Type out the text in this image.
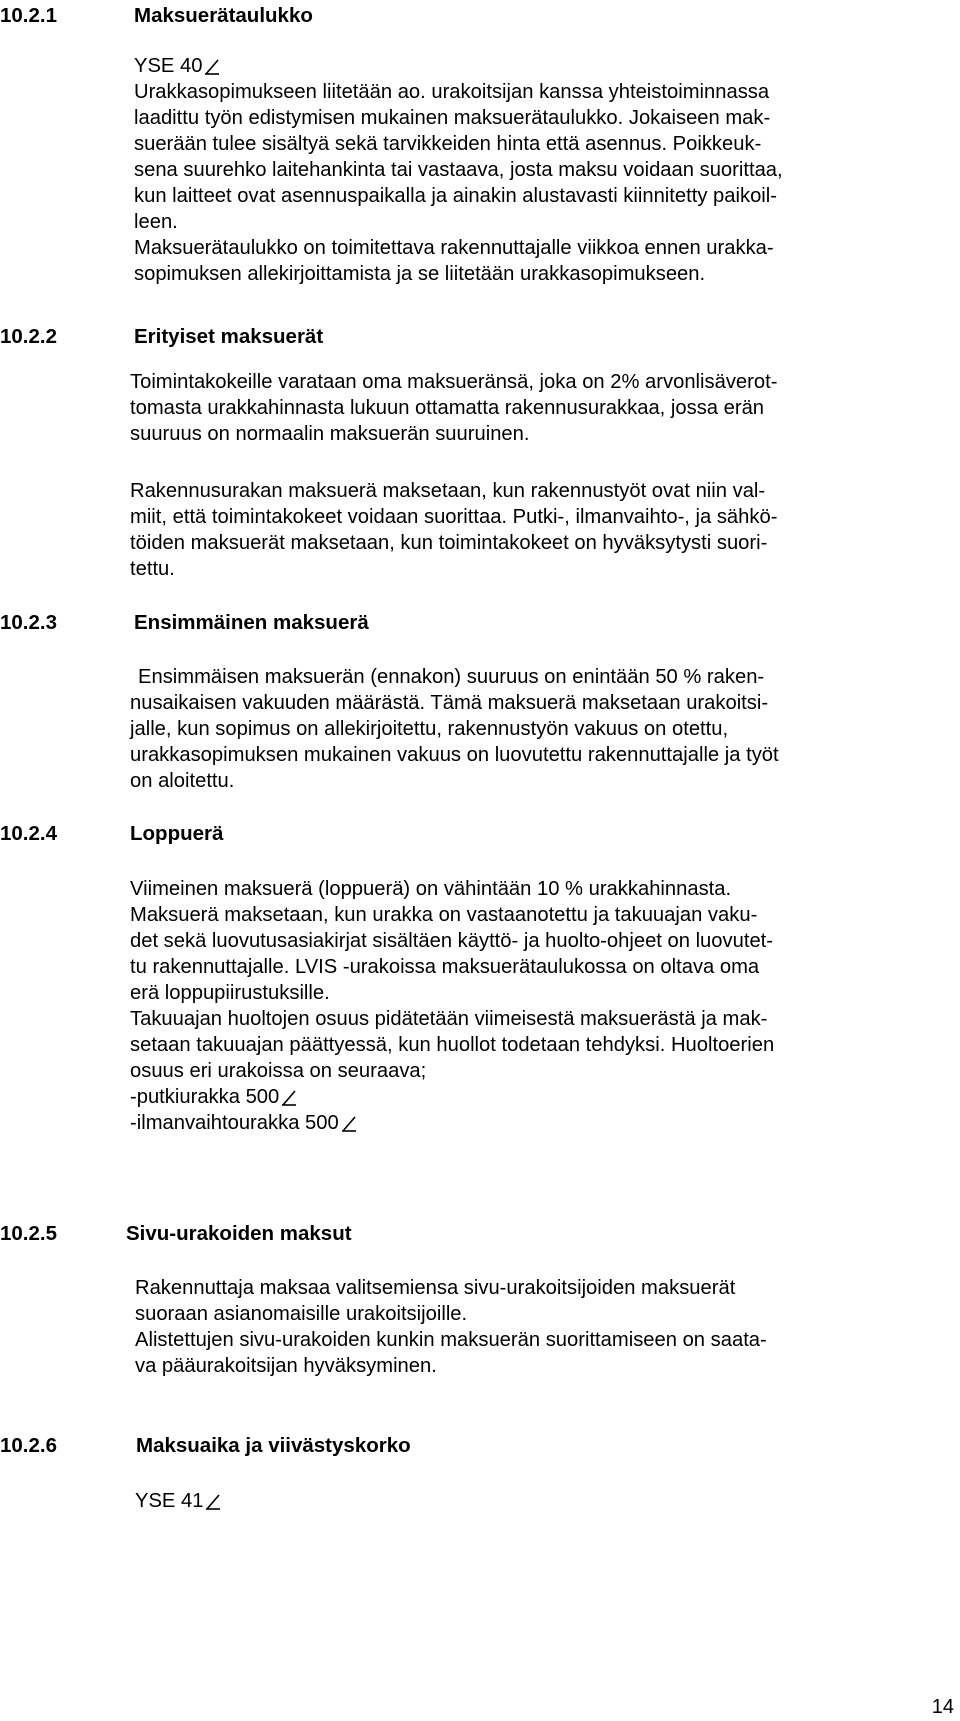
10.2.1	Maksuerätaulukko
YSE 40
Urakkasopimukseen liitetään ao. urakoitsijan kanssa yhteistoiminnassa
laadittu työn edistymisen mukainen maksuerätaulukko. Jokaiseen mak-
suerään tulee sisältyä sekä tarvikkeiden hinta että asennus. Poikkeuk-
sena suurehko laitehankinta tai vastaava, josta maksu voidaan suorittaa,
kun laitteet ovat asennuspaikalla ja ainakin alustavasti kiinnitetty paikoil-
leen.
Maksuerätaulukko on toimitettava rakennuttajalle viikkoa ennen urakka-
sopimuksen allekirjoittamista ja se liitetään urakkasopimukseen.
10.2.2	Erityiset maksuerät
Toimintakokeille varataan oma maksueränsä, joka on 2% arvonlisäverot-
tomasta urakkahinnasta lukuun ottamatta rakennusurakkaa, jossa erän
suuruus on normaalin maksuerän suuruinen.
Rakennusurakan maksuerä maksetaan, kun rakennustyöt ovat niin val-
miit, että toimintakokeet voidaan suorittaa. Putki-, ilmanvaihto-, ja sähkö-
töiden maksuerät maksetaan, kun toimintakokeet on hyväksytysti suori-
tettu.
10.2.3	Ensimmäinen maksuerä
Ensimmäisen maksuerän (ennakon) suuruus on enintään 50 % raken-
nusaikaisen vakuuden määrästä. Tämä maksuerä maksetaan urakoitsi-
jalle, kun sopimus on allekirjoitettu, rakennustyön vakuus on otettu,
urakkasopimuksen mukainen vakuus on luovutettu rakennuttajalle ja työt
on aloitettu.
10.2.4	Loppuerä
Viimeinen maksuerä (loppuerä) on vähintään 10 % urakkahinnasta.
Maksuerä maksetaan, kun urakka on vastaanotettu ja takuuajan vaku-
det sekä luovutusasiakirjat sisältäen käyttö- ja huolto-ohjeet on luovutet-
tu rakennuttajalle. LVIS -urakoissa maksuerätaulukossa on oltava oma
erä loppupiirustuksille.
Takuuajan huoltojen osuus pidätetään viimeisestä maksuerästä ja mak-
setaan takuuajan päättyessä, kun huollot todetaan tehdyksi. Huoltoerien
osuus eri urakoissa on seuraava;
-putkiurakka 500
-ilmanvaihtourakka 500
10.2.5	Sivu-urakoiden maksut
Rakennuttaja maksaa valitsemiensa sivu-urakoitsijoiden maksuerät
suoraan asianomaisille urakoitsijoille.
Alistettujen sivu-urakoiden kunkin maksuerän suorittamiseen on saata-
va pääurakoitsijan hyväksyminen.
10.2.6	Maksuaika ja viivästyskorko
YSE 41
14
